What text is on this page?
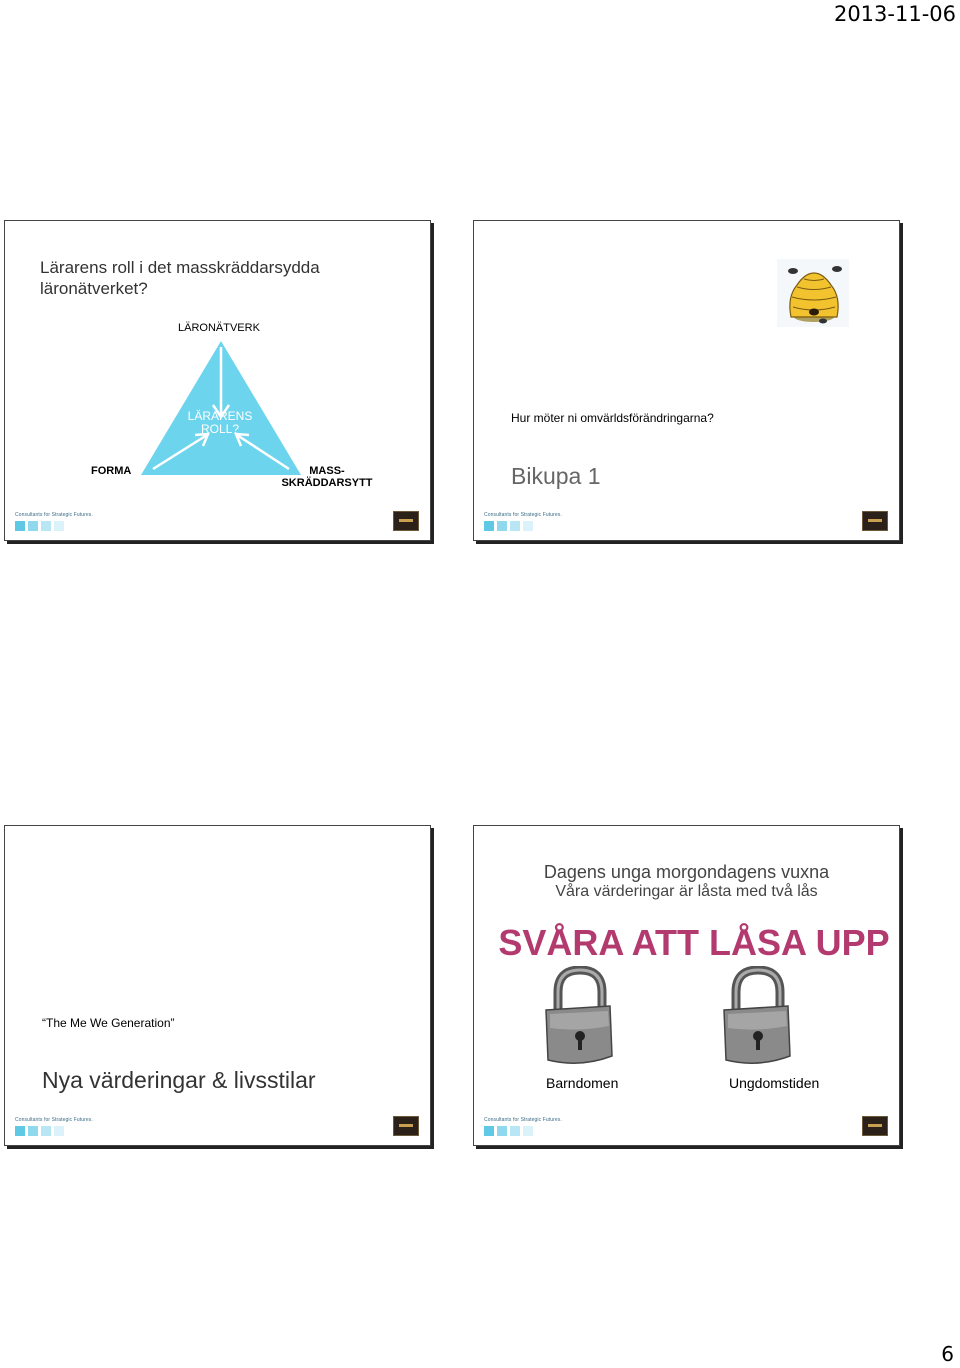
2013-11-06
Lärarens roll i det masskräddarsydda läronätverket?
LÄRONÄTVERK
LÄRARENS ROLL?
FORMA	MASS-SKRÄDDARSYTT
Consultants for Strategic Futures.
Hur möter ni omvärldsförändringarna?
Bikupa 1
Consultants for Strategic Futures.
“The Me We Generation”
Nya värderingar & livsstilar
Consultants for Strategic Futures.
Dagens unga morgondagens vuxna
Våra värderingar är låsta med två lås
SVÅRA ATT LÅSA UPP
Barndomen	Ungdomstiden
Consultants for Strategic Futures.
6
